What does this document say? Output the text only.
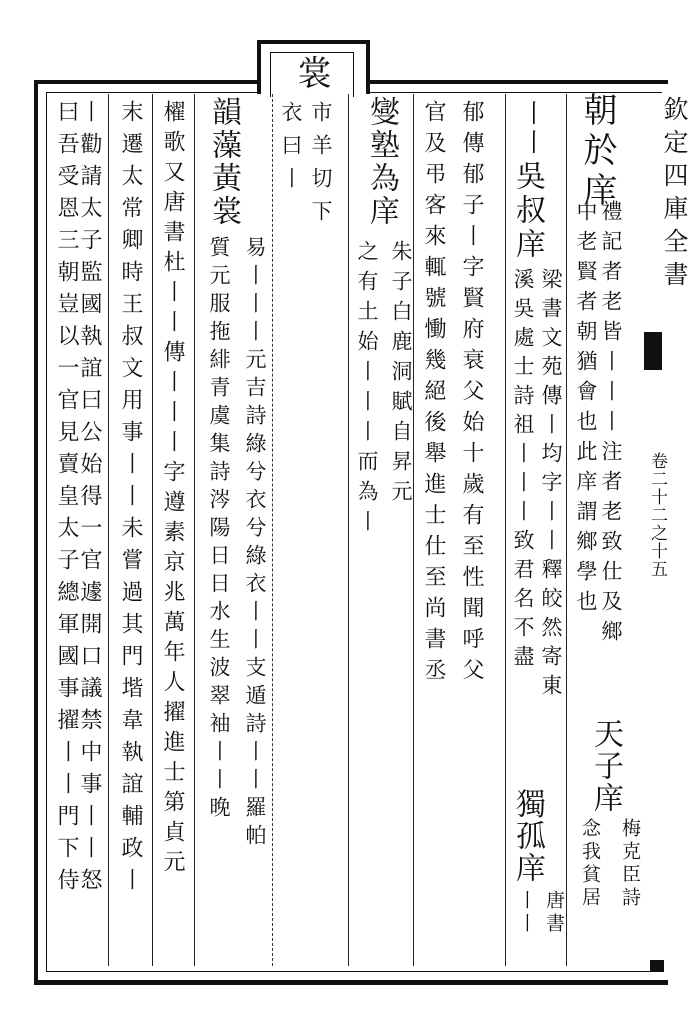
欽定四庫全書
卷二十二之十五
裳
市羊切下
衣曰丨	朝於庠
禮記者老皆丨丨丨注者老致仕及鄉
中老賢者朝猶會也此庠謂鄉學也
天子庠
梅克臣詩
念我貧居
丨丨
吳叔庠
梁書文苑傳丨均字丨丨釋皎然寄東
溪吳處士詩祖丨丨丨致君名不盡
獨孤庠
唐書
丨丨
郁傳郁子丨字賢府衰父始十歲有至性聞呼父
官及弔客來輒號慟幾絕後舉進士仕至尚書丞
燮塾為庠
朱子白鹿洞賦自昇元
之有土始丨丨丨而為丨
韻藻黃裳
易丨丨丨元吉詩綠兮衣兮綠衣丨丨支遁詩丨丨羅帕
質元服拖緋青虞集詩涔陽日日水生波翠袖丨丨晚
櫂歌又唐書杜丨丨傳丨丨丨字遵素京兆萬年人擢進士第貞元
末遷太常卿時王叔文用事丨丨未嘗過其門堦韋執誼輔政丨
丨勸請太子監國執誼曰公始得一官遽開口議禁中事丨丨怒
曰吾受恩三朝豈以一官見賣皇太子總軍國事擢丨丨門下侍
